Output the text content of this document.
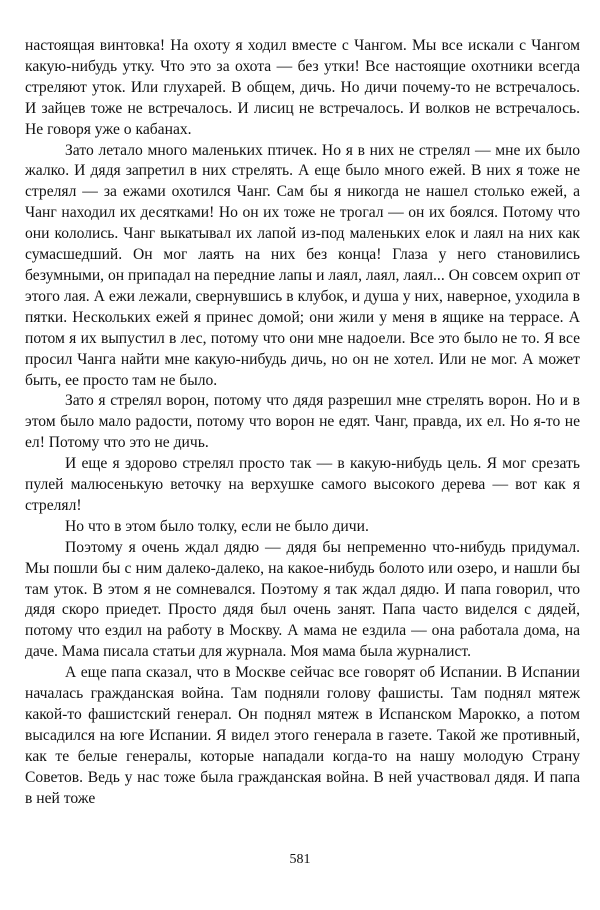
настоящая винтовка! На охоту я ходил вместе с Чангом. Мы все искали с Чангом какую-нибудь утку. Что это за охота — без утки! Все настоящие охотники всегда стреляют уток. Или глухарей. В общем, дичь. Но дичи почему-то не встречалось. И зайцев тоже не встречалось. И лисиц не встречалось. И волков не встречалось. Не говоря уже о кабанах.

Зато летало много маленьких птичек. Но я в них не стрелял — мне их было жалко. И дядя запретил в них стрелять. А еще было много ежей. В них я тоже не стрелял — за ежами охотился Чанг. Сам бы я никогда не нашел столько ежей, а Чанг находил их десятками! Но он их тоже не трогал — он их боялся. Потому что они кололись. Чанг выкатывал их лапой из-под маленьких елок и лаял на них как сумасшедший. Он мог лаять на них без конца! Глаза у него становились безумными, он припадал на передние лапы и лаял, лаял, лаял... Он совсем охрип от этого лая. А ежи лежали, свернувшись в клубок, и душа у них, наверное, уходила в пятки. Нескольких ежей я принес домой; они жили у меня в ящике на террасе. А потом я их выпустил в лес, потому что они мне надоели. Все это было не то. Я все просил Чанга найти мне какую-нибудь дичь, но он не хотел. Или не мог. А может быть, ее просто там не было.

Зато я стрелял ворон, потому что дядя разрешил мне стрелять ворон. Но и в этом было мало радости, потому что ворон не едят. Чанг, правда, их ел. Но я-то не ел! Потому что это не дичь.

И еще я здорово стрелял просто так — в какую-нибудь цель. Я мог срезать пулей малюсенькую веточку на верхушке самого высокого дерева — вот как я стрелял!

Но что в этом было толку, если не было дичи.

Поэтому я очень ждал дядю — дядя бы непременно что-нибудь придумал. Мы пошли бы с ним далеко-далеко, на какое-нибудь болото или озеро, и нашли бы там уток. В этом я не сомневался. Поэтому я так ждал дядю. И папа говорил, что дядя скоро приедет. Просто дядя был очень занят. Папа часто виделся с дядей, потому что ездил на работу в Москву. А мама не ездила — она работала дома, на даче. Мама писала статьи для журнала. Моя мама была журналист.

А еще папа сказал, что в Москве сейчас все говорят об Испании. В Испании началась гражданская война. Там подняли голову фашисты. Там поднял мятеж какой-то фашистский генерал. Он поднял мятеж в Испанском Марокко, а потом высадился на юге Испании. Я видел этого генерала в газете. Такой же противный, как те белые генералы, которые нападали когда-то на нашу молодую Страну Советов. Ведь у нас тоже была гражданская война. В ней участвовал дядя. И папа в ней тоже

581
